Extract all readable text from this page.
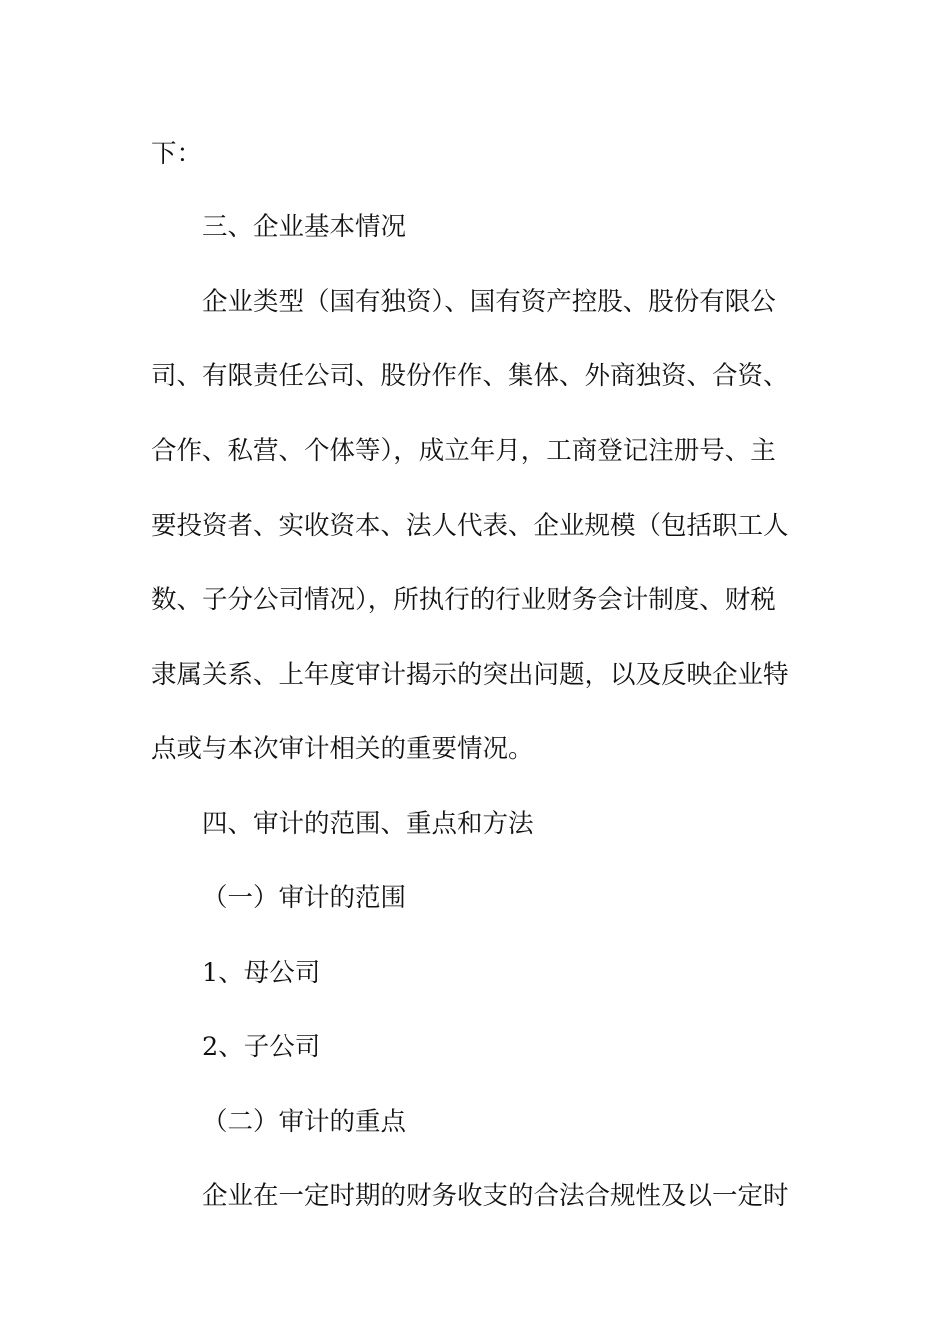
下：
三、企业基本情况
企业类型（国有独资）、国有资产控股、股份有限公
司、有限责任公司、股份作作、集体、外商独资、合资、
合作、私营、个体等），成立年月，工商登记注册号、主
要投资者、实收资本、法人代表、企业规模（包括职工人
数、子分公司情况），所执行的行业财务会计制度、财税
隶属关系、上年度审计揭示的突出问题，以及反映企业特
点或与本次审计相关的重要情况。
四、审计的范围、重点和方法
（一）审计的范围
1、母公司
2、子公司
（二）审计的重点
企业在一定时期的财务收支的合法合规性及以一定时
